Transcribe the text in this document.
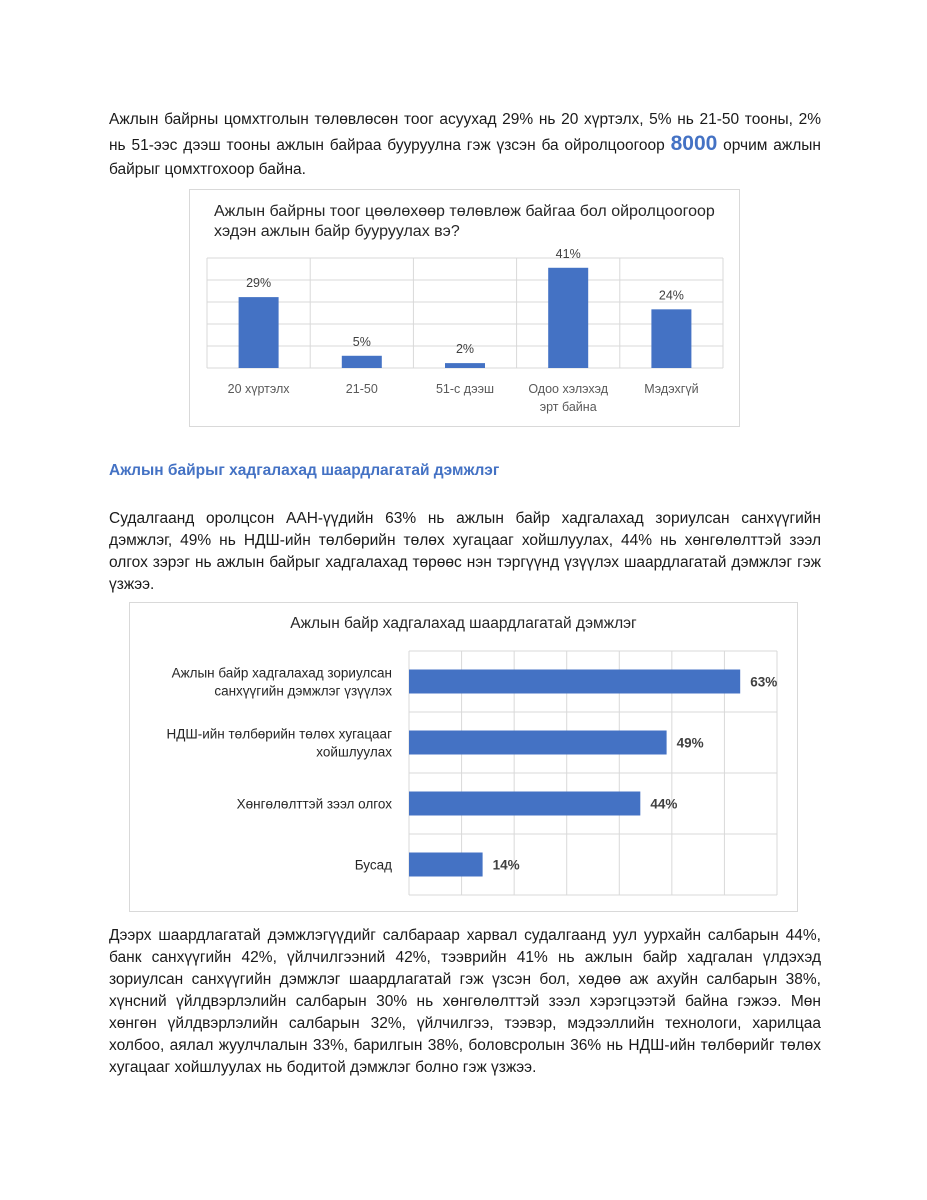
Ажлын байрны цомхтголын төлөвлөсөн тоог асуухад 29% нь 20 хүртэлх, 5% нь 21-50 тооны, 2% нь 51-ээс дээш тооны ажлын байраа бууруулна гэж үзсэн ба ойролцоогоор 8000 орчим ажлын байрыг цомхтгохоор байна.

Ажлын байрны тоог цөөлөхөөр төлөвлөж байгаа бол ойролцоогоор хэдэн ажлын байр бууруулах вэ?

29%
20 хүртэлх
5%
21-50
2%
51-с дээш
41%
Одоо хэлэхэд
эрт байна
24%
Мэдэхгүй
Ажлын байрыг хадгалахад шаардлагатай дэмжлэг

Судалгаанд оролцсон ААН-үүдийн 63% нь ажлын байр хадгалахад зориулсан санхүүгийн дэмжлэг, 49% нь НДШ-ийн төлбөрийн төлөх хугацааг хойшлуулах, 44% нь хөнгөлөлттэй зээл олгох зэрэг нь ажлын байрыг хадгалахад төрөөс нэн тэргүүнд үзүүлэх шаардлагатай дэмжлэг гэж үзжээ.

Ажлын байр хадгалахад шаардлагатай дэмжлэг

63%
Ажлын байр хадгалахад зориулсан
санхүүгийн дэмжлэг үзүүлэх
49%
НДШ-ийн төлбөрийн төлөх хугацааг
хойшлуулах
44%
Хөнгөлөлттэй зээл олгох
14%
Бусад

Дээрх шаардлагатай дэмжлэгүүдийг салбараар харвал судалгаанд уул уурхайн салбарын 44%, банк санхүүгийн 42%, үйлчилгээний 42%, тээврийн 41% нь ажлын байр хадгалан үлдэхэд зориулсан санхүүгийн дэмжлэг шаардлагатай гэж үзсэн бол, хөдөө аж ахуйн салбарын 38%, хүнсний үйлдвэрлэлийн салбарын 30% нь хөнгөлөлттэй зээл хэрэгцээтэй байна гэжээ. Мөн хөнгөн үйлдвэрлэлийн салбарын 32%, үйлчилгээ, тээвэр, мэдээллийн технологи, харилцаа холбоо, аялал жуулчлалын 33%, барилгын 38%, боловсролын 36% нь НДШ-ийн төлбөрийг төлөх хугацааг хойшлуулах нь бодитой дэмжлэг болно гэж үзжээ.
